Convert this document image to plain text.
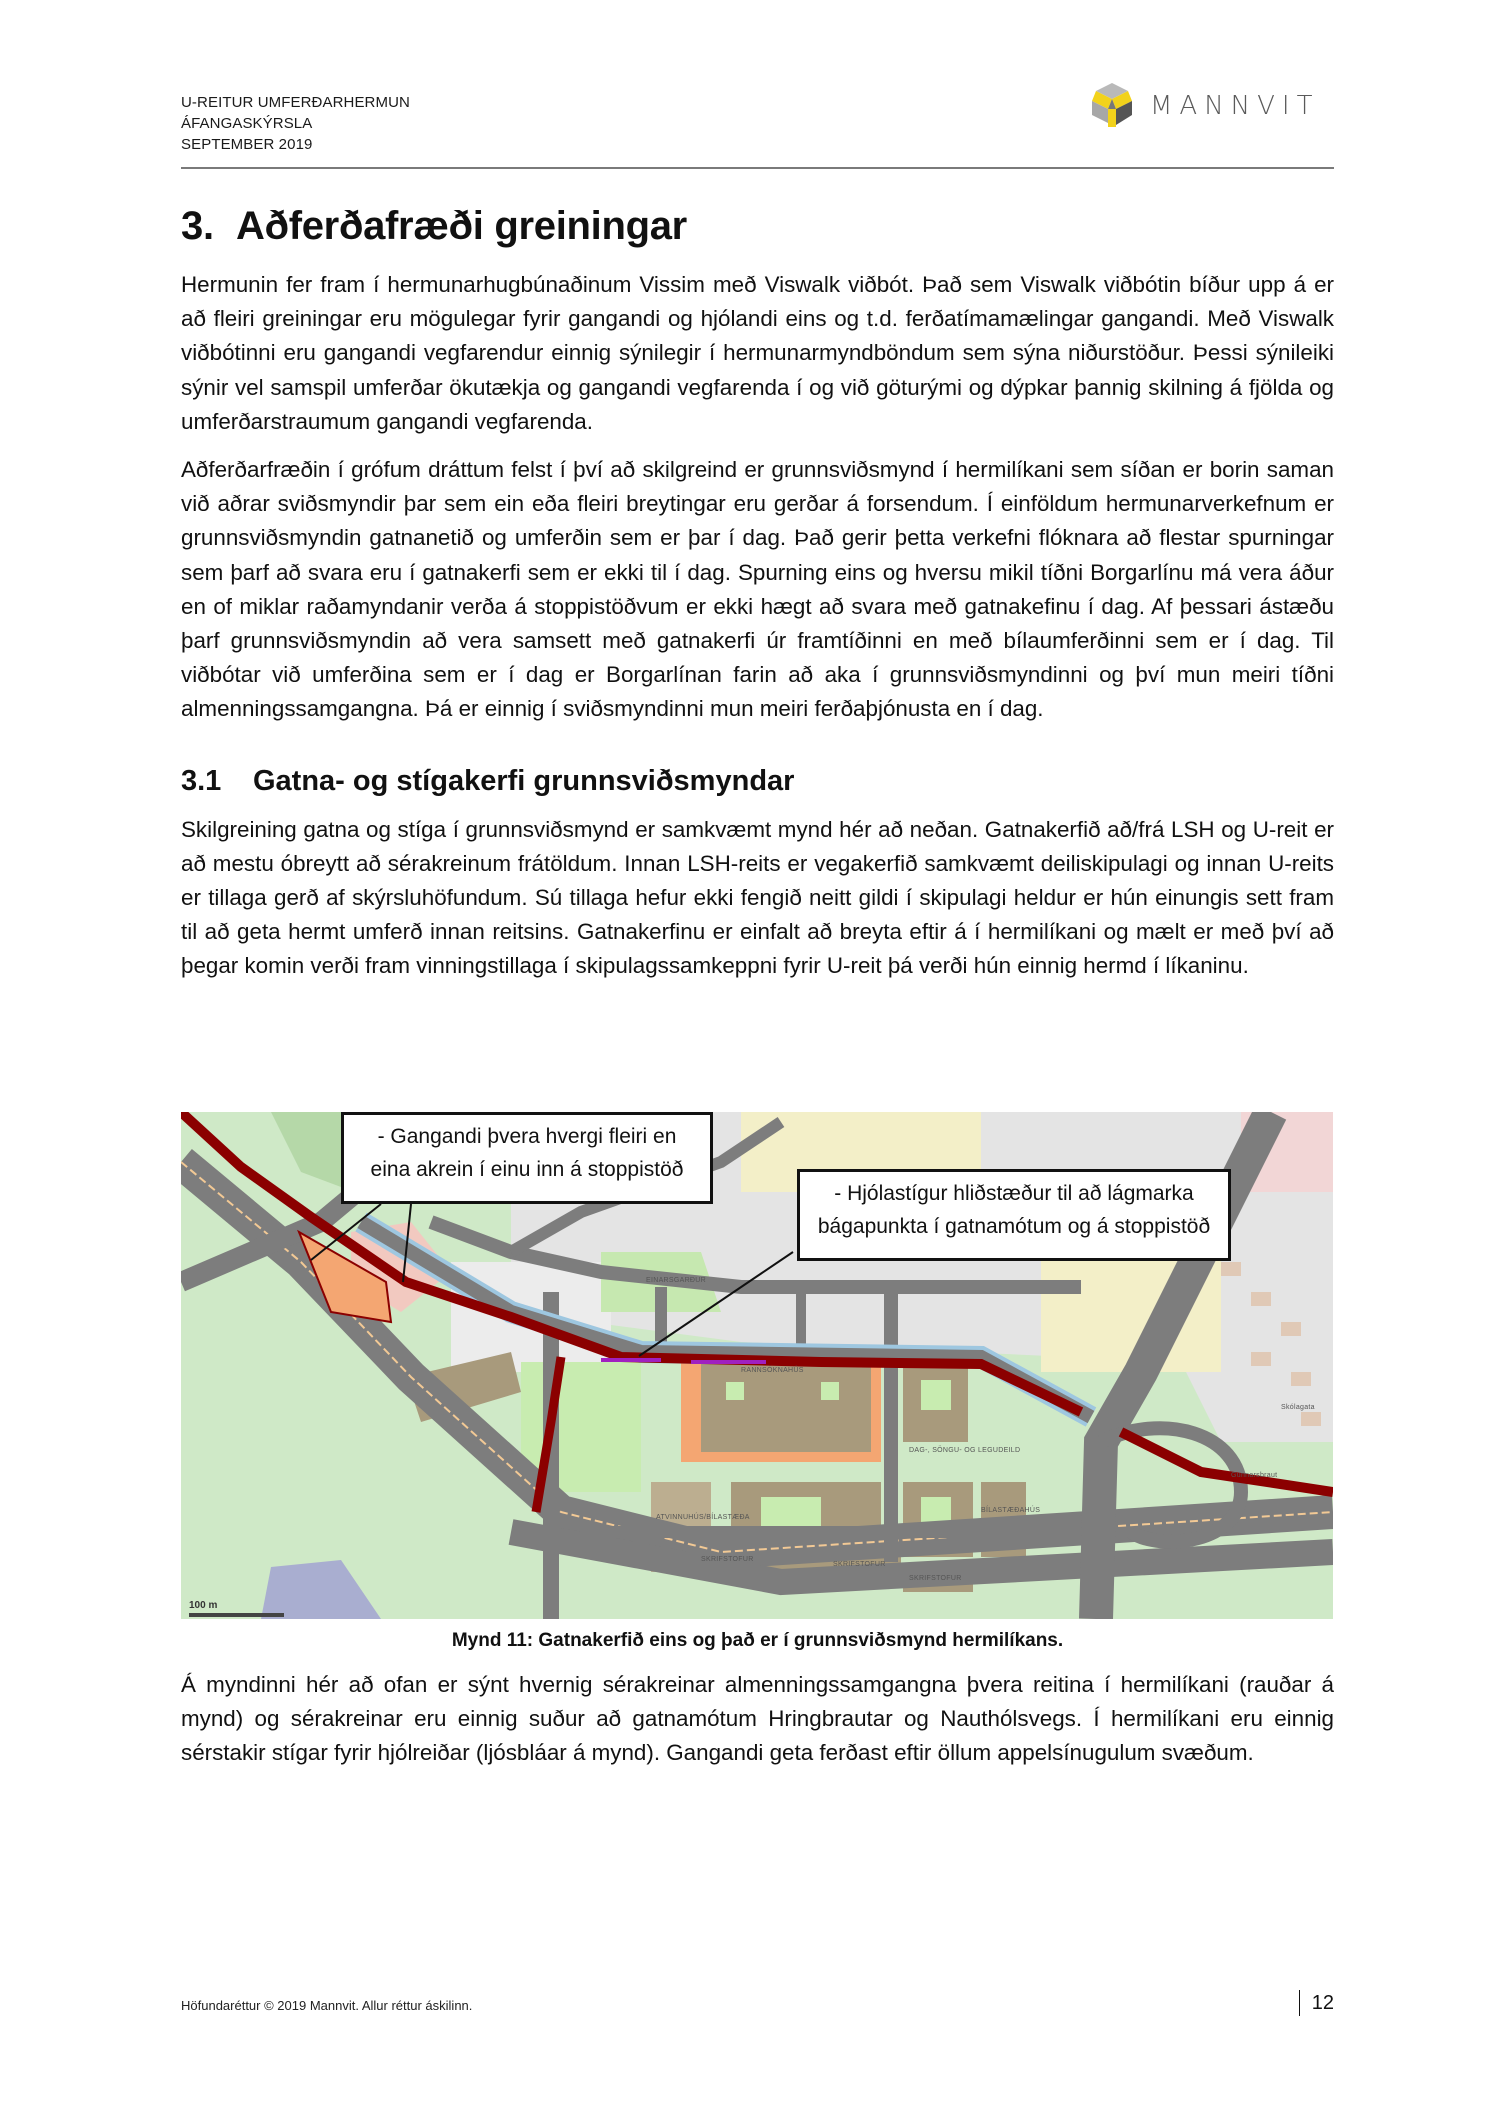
U-REITUR UMFERÐARHERMUN
ÁFANGASKÝRSLA
SEPTEMBER 2019
MANNVIT
3. Aðferðafræði greiningar

Hermunin fer fram í hermunarhugbúnaðinum Vissim með Viswalk viðbót. Það sem Viswalk viðbótin bíður upp á er að fleiri greiningar eru mögulegar fyrir gangandi og hjólandi eins og t.d. ferðatímamælingar gangandi. Með Viswalk viðbótinni eru gangandi vegfarendur einnig sýnilegir í hermunarmyndböndum sem sýna niðurstöður. Þessi sýnileiki sýnir vel samspil umferðar ökutækja og gangandi vegfarenda í og við göturými og dýpkar þannig skilning á fjölda og umferðarstraumum gangandi vegfarenda.

Aðferðarfræðin í grófum dráttum felst í því að skilgreind er grunnsviðsmynd í hermilíkani sem síðan er borin saman við aðrar sviðsmyndir þar sem ein eða fleiri breytingar eru gerðar á forsendum. Í einföldum hermunarverkefnum er grunnsviðsmyndin gatnanetið og umferðin sem er þar í dag. Það gerir þetta verkefni flóknara að flestar spurningar sem þarf að svara eru í gatnakerfi sem er ekki til í dag. Spurning eins og hversu mikil tíðni Borgarlínu má vera áður en of miklar raðamyndanir verða á stoppistöðvum er ekki hægt að svara með gatnakefinu í dag. Af þessari ástæðu þarf grunnsviðsmyndin að vera samsett með gatnakerfi úr framtíðinni en með bílaumferðinni sem er í dag. Til viðbótar við umferðina sem er í dag er Borgarlínan farin að aka í grunnsviðsmyndinni og því mun meiri tíðni almenningssamgangna. Þá er einnig í sviðsmyndinni mun meiri ferðaþjónusta en í dag.

3.1 Gatna- og stígakerfi grunnsviðsmyndar

Skilgreining gatna og stíga í grunnsviðsmynd er samkvæmt mynd hér að neðan. Gatnakerfið að/frá LSH og U-reit er að mestu óbreytt að sérakreinum frátöldum. Innan LSH-reits er vegakerfið samkvæmt deiliskipulagi og innan U-reits er tillaga gerð af skýrsluhöfundum. Sú tillaga hefur ekki fengið neitt gildi í skipulagi heldur er hún einungis sett fram til að geta hermt umferð innan reitsins. Gatnakerfinu er einfalt að breyta eftir á í hermilíkani og mælt er með því að þegar komin verði fram vinningstillaga í skipulagssamkeppni fyrir U-reit þá verði hún einnig hermd í líkaninu.

EINARSGARÐUR
RANNSÓKNAHÚS
DAG-, SÖNGU- OG LEGUDEILD
ATVINNUHÚS/BÍLASTÆÐA
BÍLASTÆÐAHÚS
SKRIFSTOFUR
SKRIFSTOFUR
SKRIFSTOFUR
Gunnarsbraut
Skólagata
- Gangandi þvera hvergi fleiri en
eina akrein í einu inn á stoppistöð
- Hjólastígur hliðstæður til að lágmarka
bágapunkta í gatnamótum og á stoppistöð
100 m
Mynd 11: Gatnakerfið eins og það er í grunnsviðsmynd hermilíkans.

Á myndinni hér að ofan er sýnt hvernig sérakreinar almenningssamgangna þvera reitina í hermilíkani (rauðar á mynd) og sérakreinar eru einnig suður að gatnamótum Hringbrautar og Nauthólsvegs. Í hermilíkani eru einnig sérstakir stígar fyrir hjólreiðar (ljósbláar á mynd). Gangandi geta ferðast eftir öllum appelsínugulum svæðum.

Höfundaréttur © 2019 Mannvit. Allur réttur áskilinn.	12
